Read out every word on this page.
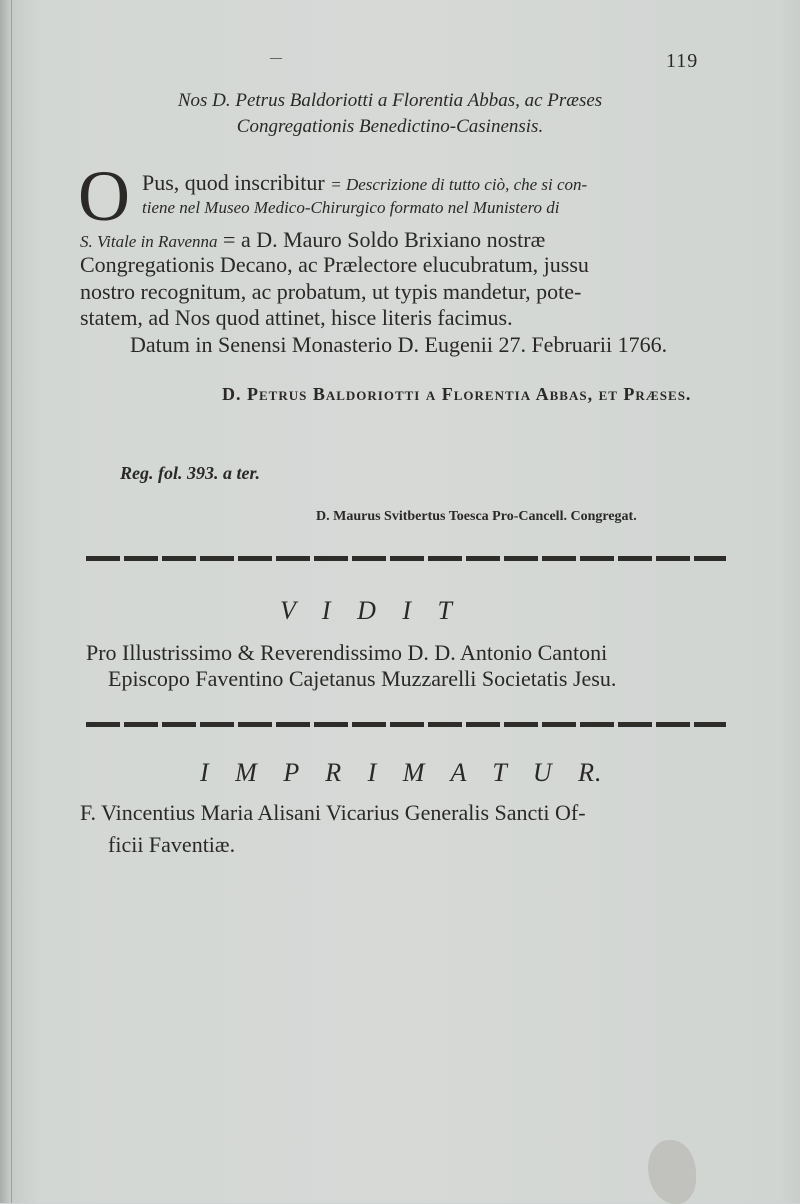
119
Nos D. Petrus Baldoriotti a Florentia Abbas, ac Præses
Congregationis Benedictino-Casinensis.
O Pus, quod inscribitur = Descrizione di tutto ciò, che si con-
tiene nel Museo Medico-Chirurgico formato nel Munistero di
S. Vitale in Ravenna = a D. Mauro Soldo Brixiano nostræ
Congregationis Decano, ac Prælectore elucubratum, jussu
nostro recognitum, ac probatum, ut typis mandetur, pote-
statem, ad Nos quod attinet, hisce literis facimus.
Datum in Senensi Monasterio D. Eugenii 27. Februarii 1766.
D. Petrus Baldoriotti a Florentia Abbas, et Præses.
Reg. fol. 393. a ter.
D. Maurus Svitbertus Toesca Pro-Cancell. Congregat.
V I D I T
Pro Illustrissimo & Reverendissimo D. D. Antonio Cantoni
Episcopo Faventino Cajetanus Muzzarelli Societatis Jesu.
I M P R I M A T U R.
F. Vincentius Maria Alisani Vicarius Generalis Sancti Of-
ficii Faventiæ.
